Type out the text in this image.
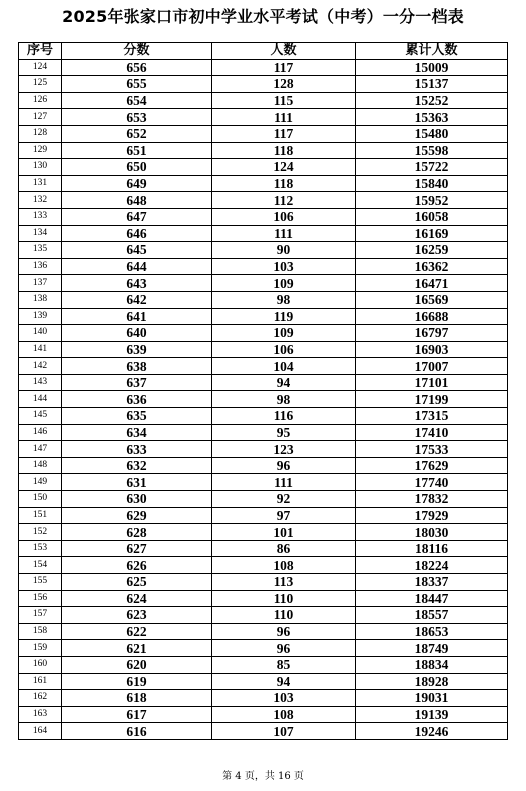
2025年张家口市初中学业水平考试（中考）一分一档表
序号	分数	人数	累计人数
124	656	117	15009
125	655	128	15137
126	654	115	15252
127	653	111	15363
128	652	117	15480
129	651	118	15598
130	650	124	15722
131	649	118	15840
132	648	112	15952
133	647	106	16058
134	646	111	16169
135	645	90	16259
136	644	103	16362
137	643	109	16471
138	642	98	16569
139	641	119	16688
140	640	109	16797
141	639	106	16903
142	638	104	17007
143	637	94	17101
144	636	98	17199
145	635	116	17315
146	634	95	17410
147	633	123	17533
148	632	96	17629
149	631	111	17740
150	630	92	17832
151	629	97	17929
152	628	101	18030
153	627	86	18116
154	626	108	18224
155	625	113	18337
156	624	110	18447
157	623	110	18557
158	622	96	18653
159	621	96	18749
160	620	85	18834
161	619	94	18928
162	618	103	19031
163	617	108	19139
164	616	107	19246
第 4 页，共 16 页
